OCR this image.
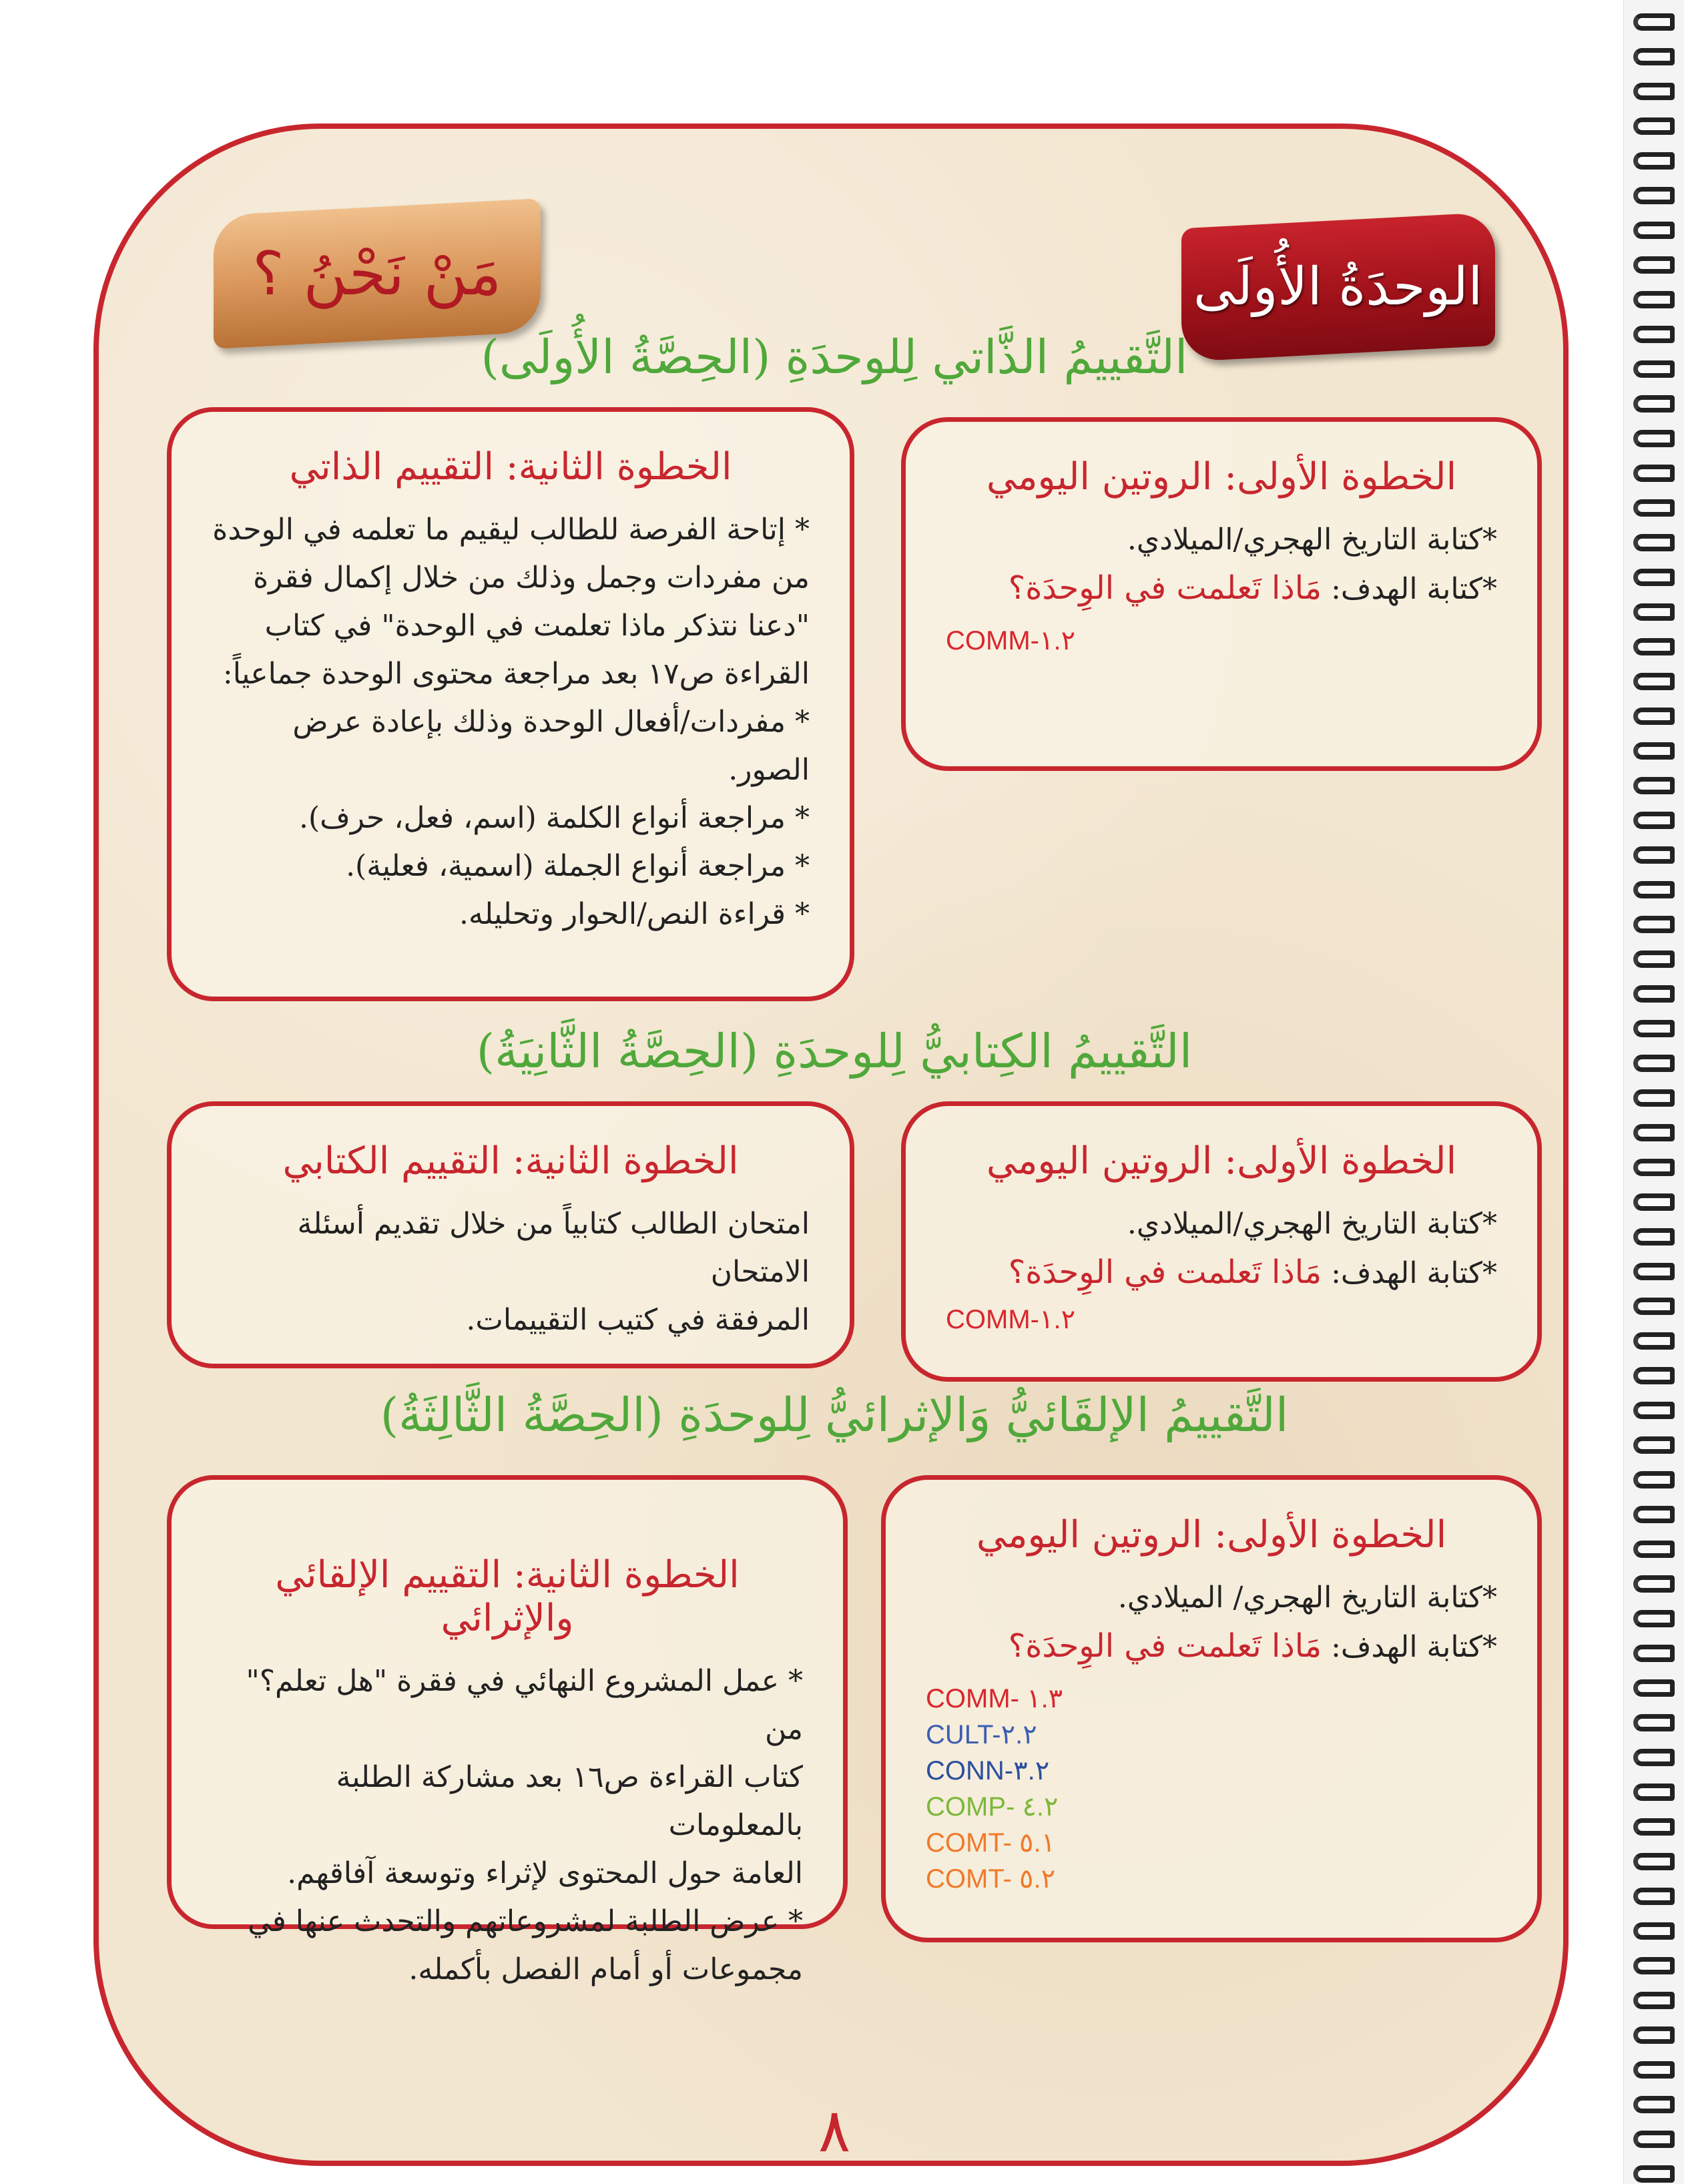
الوحدَةُ الأُولَى
مَنْ نَحْنُ ؟
التَّقييمُ الذَّاتي لِلوحدَةِ (الحِصَّةُ الأُولَى)

الخطوة الأولى: الروتين اليومي

*كتابة التاريخ الهجري/الميلادي.

*كتابة الهدف: مَاذا تَعلمت في الوِحدَة؟

COMM-١.٢

الخطوة الثانية: التقييم الذاتي

* إتاحة الفرصة للطالب ليقيم ما تعلمه في الوحدة

من مفردات وجمل وذلك من خلال إكمال فقرة

"دعنا نتذكر ماذا تعلمت في الوحدة" في كتاب

القراءة ص١٧ بعد مراجعة محتوى الوحدة جماعياً:

* مفردات/أفعال الوحدة وذلك بإعادة عرض الصور.

* مراجعة أنواع الكلمة (اسم، فعل، حرف).

* مراجعة أنواع الجملة (اسمية، فعلية).

* قراءة النص/الحوار وتحليله.

التَّقييمُ الكِتابيُّ لِلوحدَةِ (الحِصَّةُ الثَّانِيَةُ)

الخطوة الأولى: الروتين اليومي

*كتابة التاريخ الهجري/الميلادي.

*كتابة الهدف: مَاذا تَعلمت في الوِحدَة؟

COMM-١.٢

الخطوة الثانية: التقييم الكتابي

امتحان الطالب كتابياً من خلال تقديم أسئلة الامتحان

المرفقة في كتيب التقييمات.

التَّقييمُ الإلقَائيُّ وَالإثرائيُّ لِلوحدَةِ (الحِصَّةُ الثَّالِثَةُ)

الخطوة الأولى: الروتين اليومي

*كتابة التاريخ الهجري/ الميلادي.

*كتابة الهدف: مَاذا تَعلمت في الوِحدَة؟

COMM- ١.٣
CULT-٢.٢
CONN-٣.٢
COMP- ٤.٢
COMT- ٥.١
COMT- ٥.٢

الخطوة الثانية: التقييم الإلقائي والإثرائي

* عمل المشروع النهائي في فقرة "هل تعلم؟" من

كتاب القراءة ص١٦ بعد مشاركة الطلبة بالمعلومات

العامة حول المحتوى لإثراء وتوسعة آفاقهم.

* عرض الطلبة لمشروعاتهم والتحدث عنها في

مجموعات أو أمام الفصل بأكمله.

٨
